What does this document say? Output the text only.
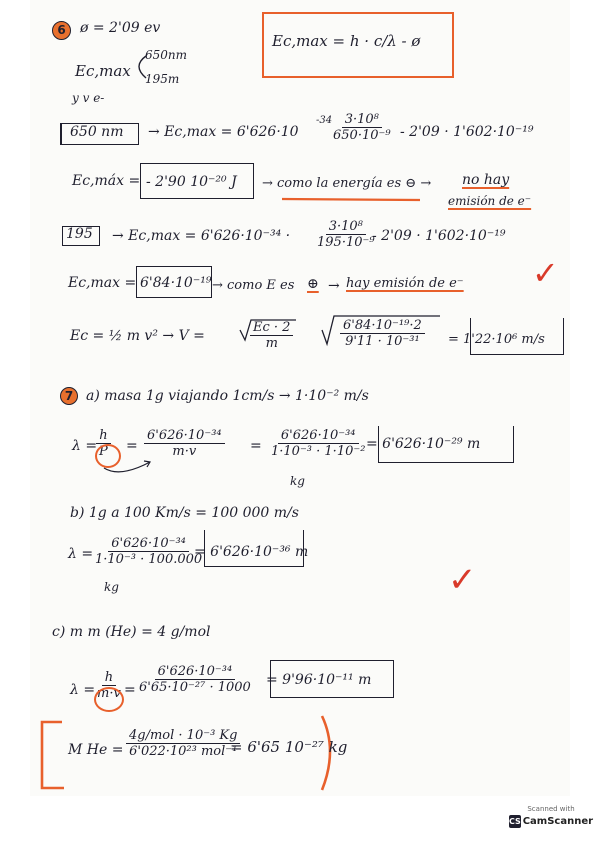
6	ø = 2'09 ev
Ec,max
650nm
195m
y v e-
Ec,max = h · c/λ - ø
650 nm → Ec,max = 6'626·10
-34
$\frac{\text{3·10⁸}}{\text{650·10⁻⁹}} - 2'09 \cdot 1'602\cdot 10^{-19}$
Ec,máx = - 2'90 10⁻²⁰ J → como la energía es ⊖ → no hay
emisión de e⁻
$195 \to Ec,\max = 6'626\cdot 10^{-34} \cdot \frac{\text{3·10⁸}}{\text{195·10⁻⁹}}$
- 2'09 · 1'602·10⁻¹⁹
Ec,max = 6'84·10⁻¹⁹ → como E es ⊕ → hay emisión de e⁻ ✓
Ec = ½ m v² → V =	$\frac{Ec \cdot 2}{m}$	$\frac{\text{6'84·10⁻¹⁹·2}}{\text{9'11 · 10⁻³¹}} = 1'22\cdot 10^6$ m/s
7 a) masa 1g viajando 1cm/s → 1·10⁻² m/s
λ =
$\frac{h}{P} = \frac{\text{6'626·10⁻³⁴}}{m\cdot v} = \frac{\text{6'626·10⁻³⁴}}{\text{1·10⁻³ · 1·10⁻²}}$
kg
= 6'626·10⁻²⁹ m
b) 1g a 100 Km/s = 100 000 m/s
λ =
$\frac{\text{6'626·10⁻³⁴}}{\text{1·10⁻³ · 100.000}}$
kg
= 6'626·10⁻³⁶ m
✓
c) m m (He) = 4 g/mol
λ =
$\frac{h}{m\cdot v} = \frac{\text{6'626·10⁻³⁴}}{\text{6'65·10⁻²⁷ · 1000}} = 9'96\cdot 10^{-11}$ m
M He =
4g/mol · 10⁻³ Kg
6'022·10²³ mol⁻¹
= 6'65 10⁻²⁷ kg
Scanned with
CS CamScanner
